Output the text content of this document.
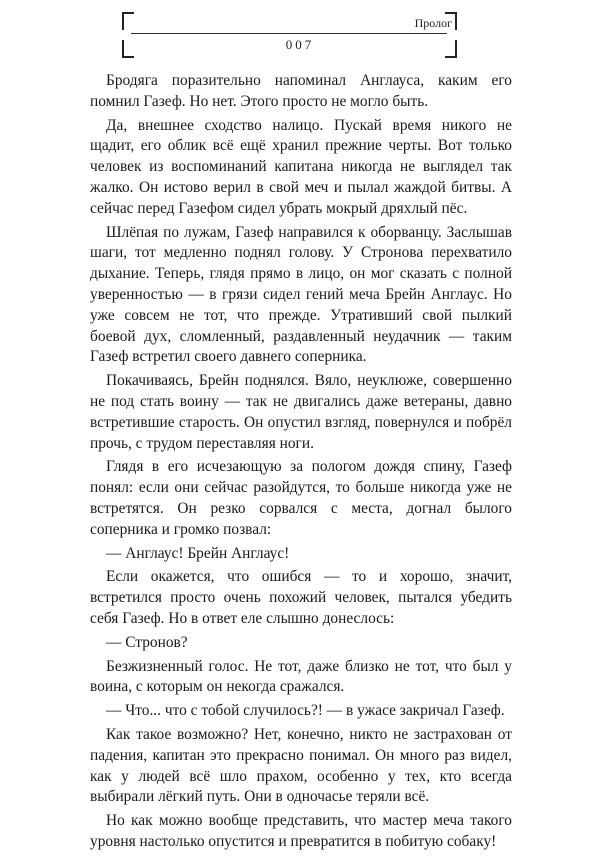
Пролог
007

Бродяга поразительно напоминал Англауса, каким его помнил Газеф. Но нет. Этого просто не могло быть.

Да, внешнее сходство налицо. Пускай время никого не щадит, его облик всё ещё хранил прежние черты. Вот только человек из воспоминаний капитана никогда не выглядел так жалко. Он истово верил в свой меч и пылал жаждой битвы. А сейчас перед Газефом сидел убрать мокрый дряхлый пёс.

Шлёпая по лужам, Газеф направился к оборванцу. Заслышав шаги, тот медленно поднял голову. У Стронова перехватило дыхание. Теперь, глядя прямо в лицо, он мог сказать с полной уверенностью — в грязи сидел гений меча Брейн Англаус. Но уже совсем не тот, что прежде. Утративший свой пылкий боевой дух, сломленный, раздавленный неудачник — таким Газеф встретил своего давнего соперника.

Покачиваясь, Брейн поднялся. Вяло, неуклюже, совершенно не под стать воину — так не двигались даже ветераны, давно встретившие старость. Он опустил взгляд, повернулся и побрёл прочь, с трудом переставляя ноги.

Глядя в его исчезающую за пологом дождя спину, Газеф понял: если они сейчас разойдутся, то больше никогда уже не встретятся. Он резко сорвался с места, догнал былого соперника и громко позвал:

— Англаус! Брейн Англаус!

Если окажется, что ошибся — то и хорошо, значит, встретился просто очень похожий человек, пытался убедить себя Газеф. Но в ответ еле слышно донеслось:

— Стронов?

Безжизненный голос. Не тот, даже близко не тот, что был у воина, с которым он некогда сражался.

— Что... что с тобой случилось?! — в ужасе закричал Газеф.

Как такое возможно? Нет, конечно, никто не застрахован от падения, капитан это прекрасно понимал. Он много раз видел, как у людей всё шло прахом, особенно у тех, кто всегда выбирали лёгкий путь. Они в одночасье теряли всё.

Но как можно вообще представить, что мастер меча такого уровня настолько опустится и превратится в побитую собаку!
